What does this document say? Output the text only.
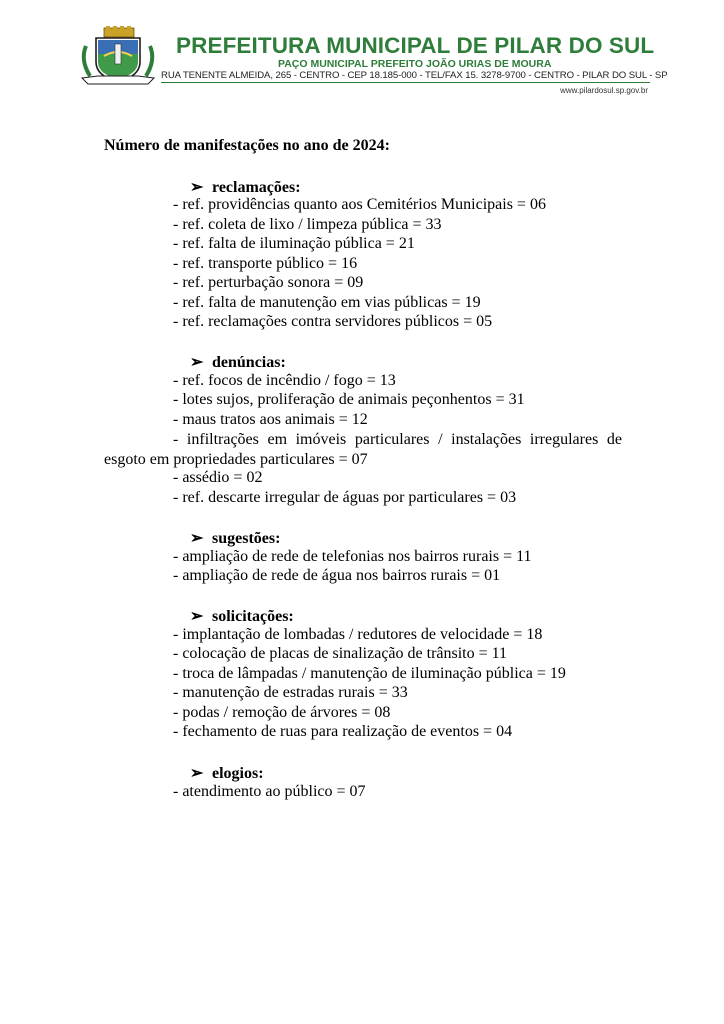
PREFEITURA MUNICIPAL DE PILAR DO SUL
PAÇO MUNICIPAL PREFEITO JOÃO URIAS DE MOURA
RUA TENENTE ALMEIDA, 265 - CENTRO - CEP 18.185-000 - TEL/FAX 15. 3278-9700 - CENTRO - PILAR DO SUL - SP
www.pilardosul.sp.gov.br
Número de manifestações no ano de 2024:
➢ reclamações:
- ref. providências quanto aos Cemitérios Municipais = 06
- ref. coleta de lixo / limpeza pública = 33
- ref. falta de iluminação pública = 21
- ref. transporte público = 16
- ref. perturbação sonora = 09
- ref. falta de manutenção em vias públicas = 19
- ref. reclamações contra servidores públicos = 05
➢ denúncias:
- ref. focos de incêndio / fogo = 13
- lotes sujos, proliferação de animais peçonhentos = 31
- maus tratos aos animais = 12
- infiltrações em imóveis particulares / instalações irregulares de esgoto em propriedades particulares = 07
- assédio = 02
- ref. descarte irregular de águas por particulares = 03
➢ sugestões:
- ampliação de rede de telefonias nos bairros rurais = 11
- ampliação de rede de água nos bairros rurais = 01
➢ solicitações:
- implantação de lombadas / redutores de velocidade = 18
- colocação de placas de sinalização de trânsito = 11
- troca de lâmpadas / manutenção de iluminação pública = 19
- manutenção de estradas rurais = 33
- podas / remoção de árvores = 08
- fechamento de ruas para realização de eventos = 04
➢ elogios:
- atendimento ao público = 07
